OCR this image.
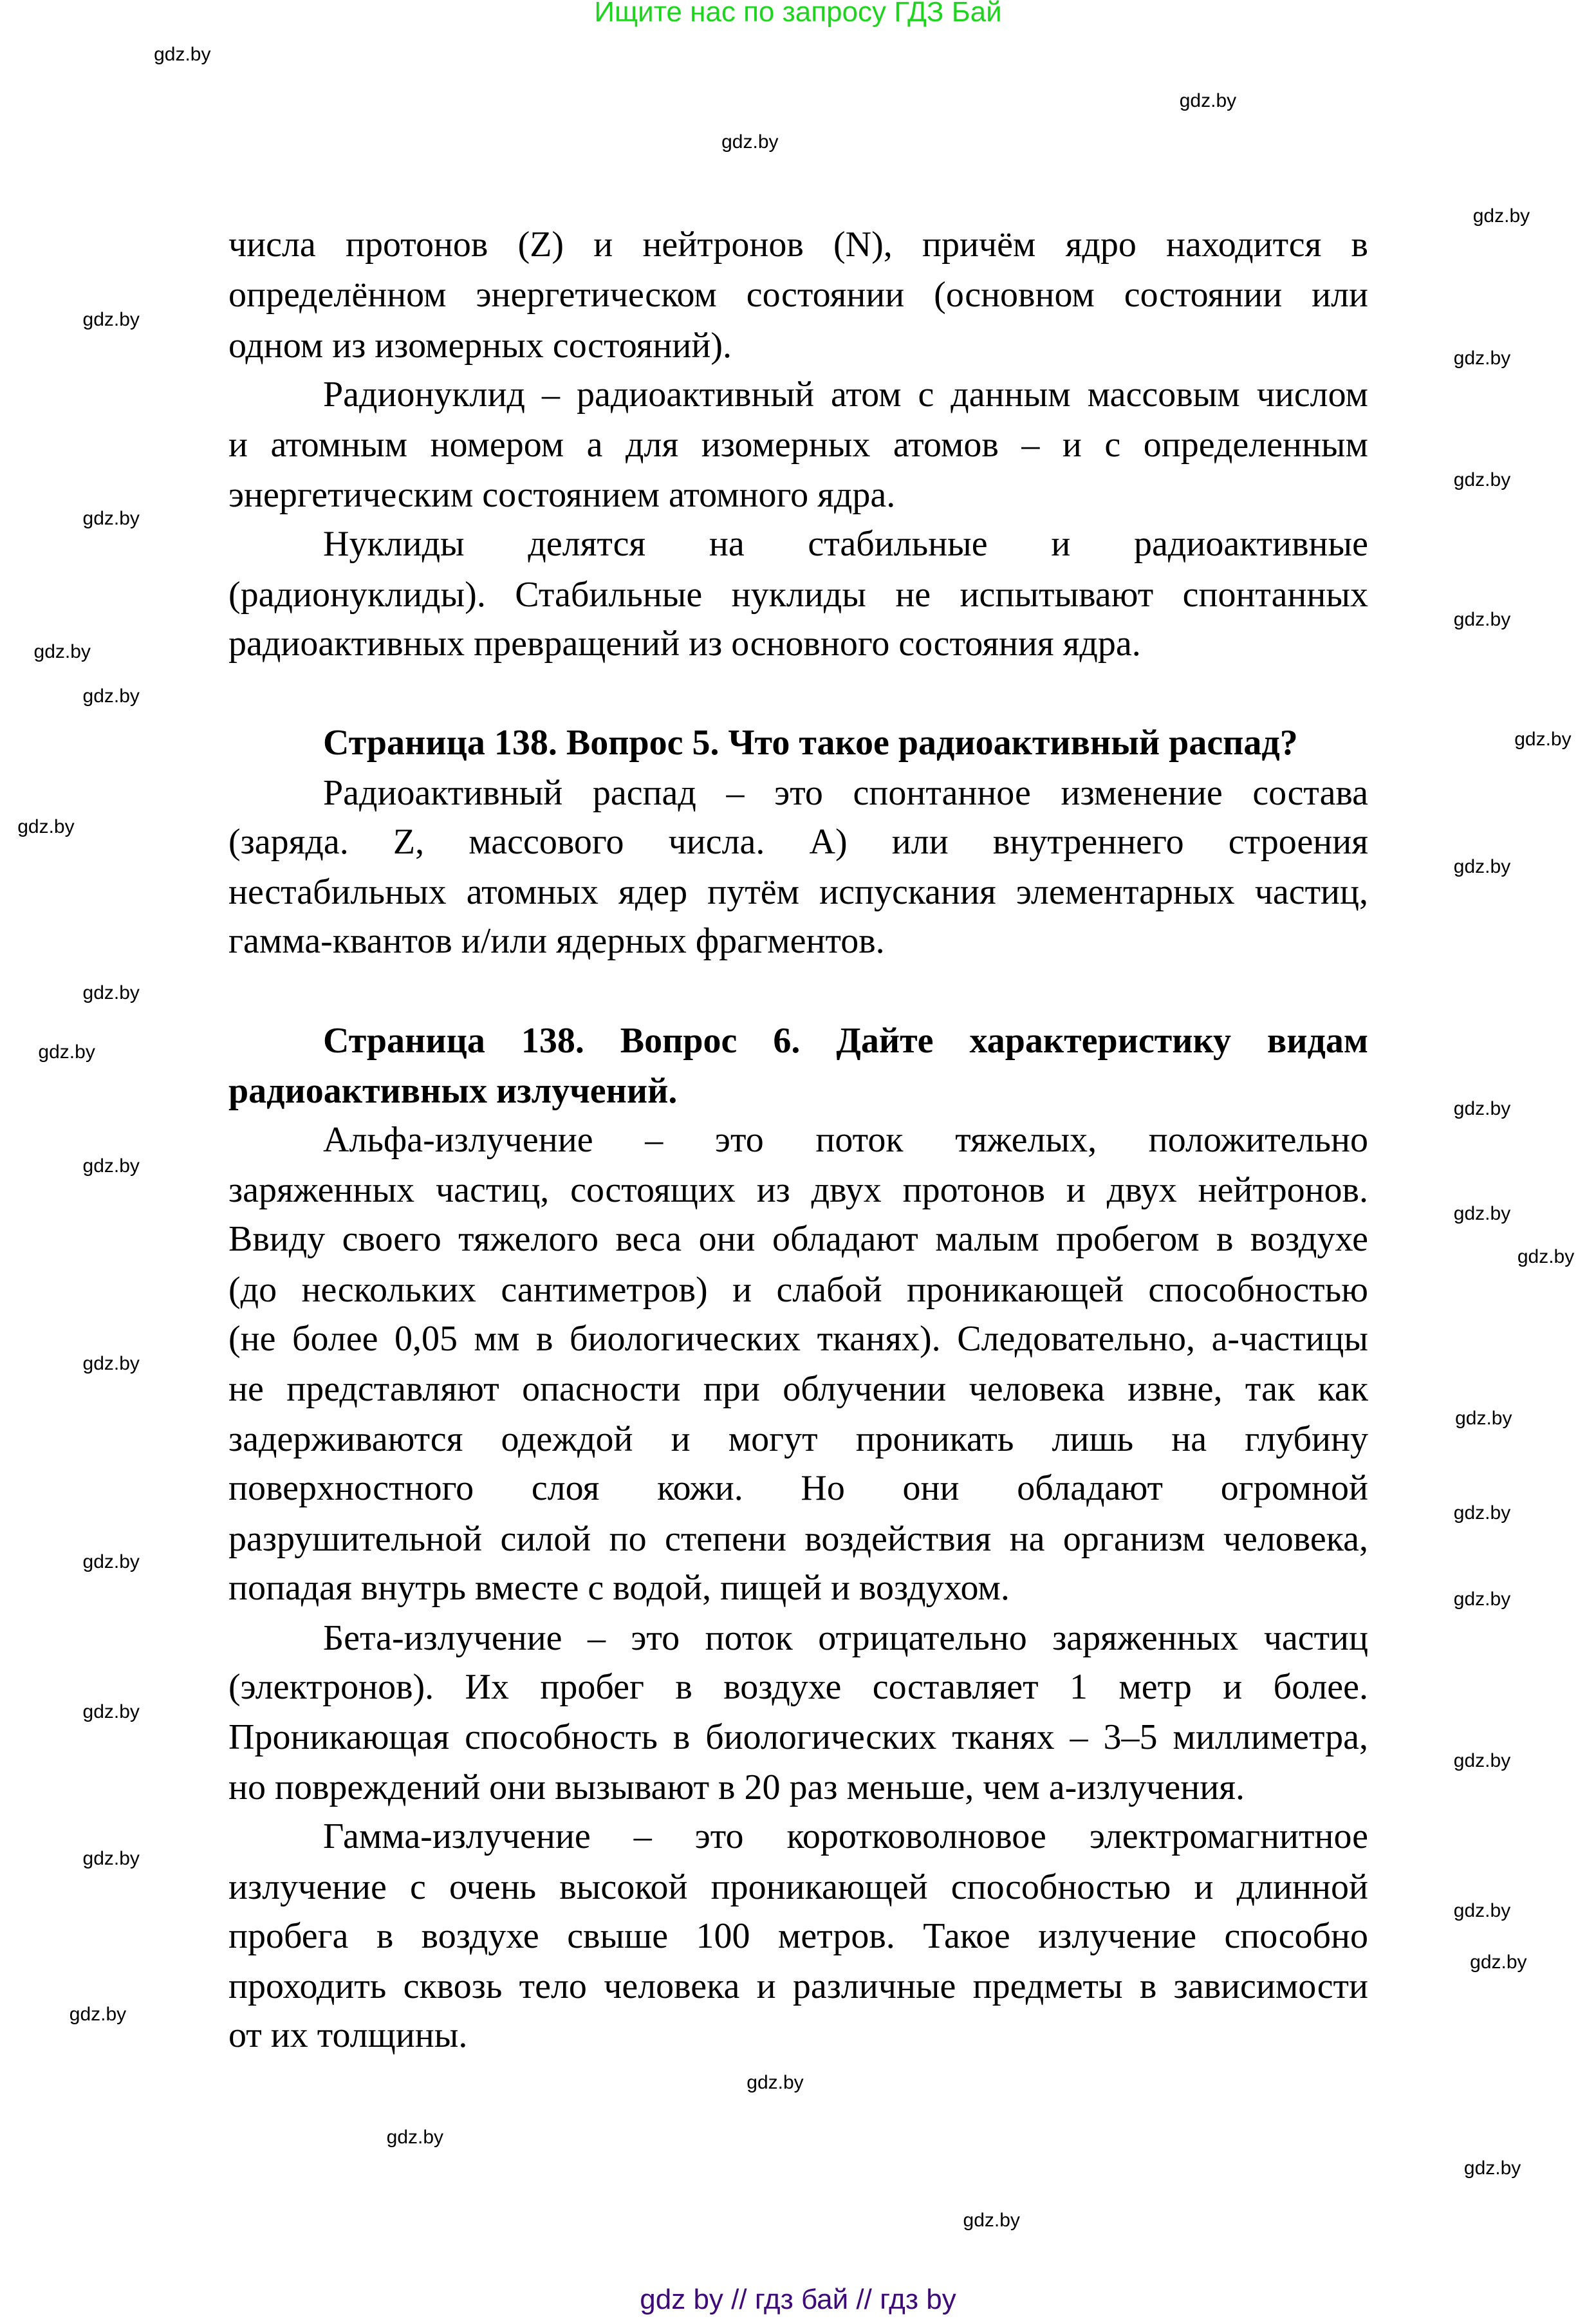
Ищите нас по запросу ГДЗ Бай
числа протонов (Z) и нейтронов (N), причём ядро находится в
определённом энергетическом состоянии (основном состоянии или
одном из изомерных состояний).
Радионуклид – радиоактивный атом с данным массовым числом
и атомным номером а для изомерных атомов – и с определенным
энергетическим состоянием атомного ядра.
Нуклиды делятся на стабильные и радиоактивные
(радионуклиды). Стабильные нуклиды не испытывают спонтанных
радиоактивных превращений из основного состояния ядра.
Страница 138. Вопрос 5. Что такое радиоактивный распад?
Радиоактивный распад – это спонтанное изменение состава
(заряда. Z, массового числа. A) или внутреннего строения
нестабильных атомных ядер путём испускания элементарных частиц,
гамма-квантов и/или ядерных фрагментов.
Страница 138. Вопрос 6. Дайте характеристику видам
радиоактивных излучений.
Альфа-излучение – это поток тяжелых, положительно
заряженных частиц, состоящих из двух протонов и двух нейтронов.
Ввиду своего тяжелого веса они обладают малым пробегом в воздухе
(до нескольких сантиметров) и слабой проникающей способностью
(не более 0,05 мм в биологических тканях). Следовательно, а-частицы
не представляют опасности при облучении человека извне, так как
задерживаются одеждой и могут проникать лишь на глубину
поверхностного слоя кожи. Но они обладают огромной
разрушительной силой по степени воздействия на организм человека,
попадая внутрь вместе с водой, пищей и воздухом.
Бета-излучение – это поток отрицательно заряженных частиц
(электронов). Их пробег в воздухе составляет 1 метр и более.
Проникающая способность в биологических тканях – 3–5 миллиметра,
но повреждений они вызывают в 20 раз меньше, чем а-излучения.
Гамма-излучение – это коротковолновое электромагнитное
излучение с очень высокой проникающей способностью и длинной
пробега в воздухе свыше 100 метров. Такое излучение способно
проходить сквозь тело человека и различные предметы в зависимости
от их толщины.
gdz.by
gdz.by
gdz.by
gdz.by
gdz.by
gdz.by
gdz.by
gdz.by
gdz.by
gdz.by
gdz.by
gdz.by
gdz.by
gdz.by
gdz.by
gdz.by
gdz.by
gdz.by
gdz.by
gdz.by
gdz.by
gdz.by
gdz.by
gdz.by
gdz.by
gdz.by
gdz.by
gdz.by
gdz.by
gdz.by
gdz.by
gdz.by
gdz.by
gdz.by
gdz.by
gdz by // гдз бай // гдз by
